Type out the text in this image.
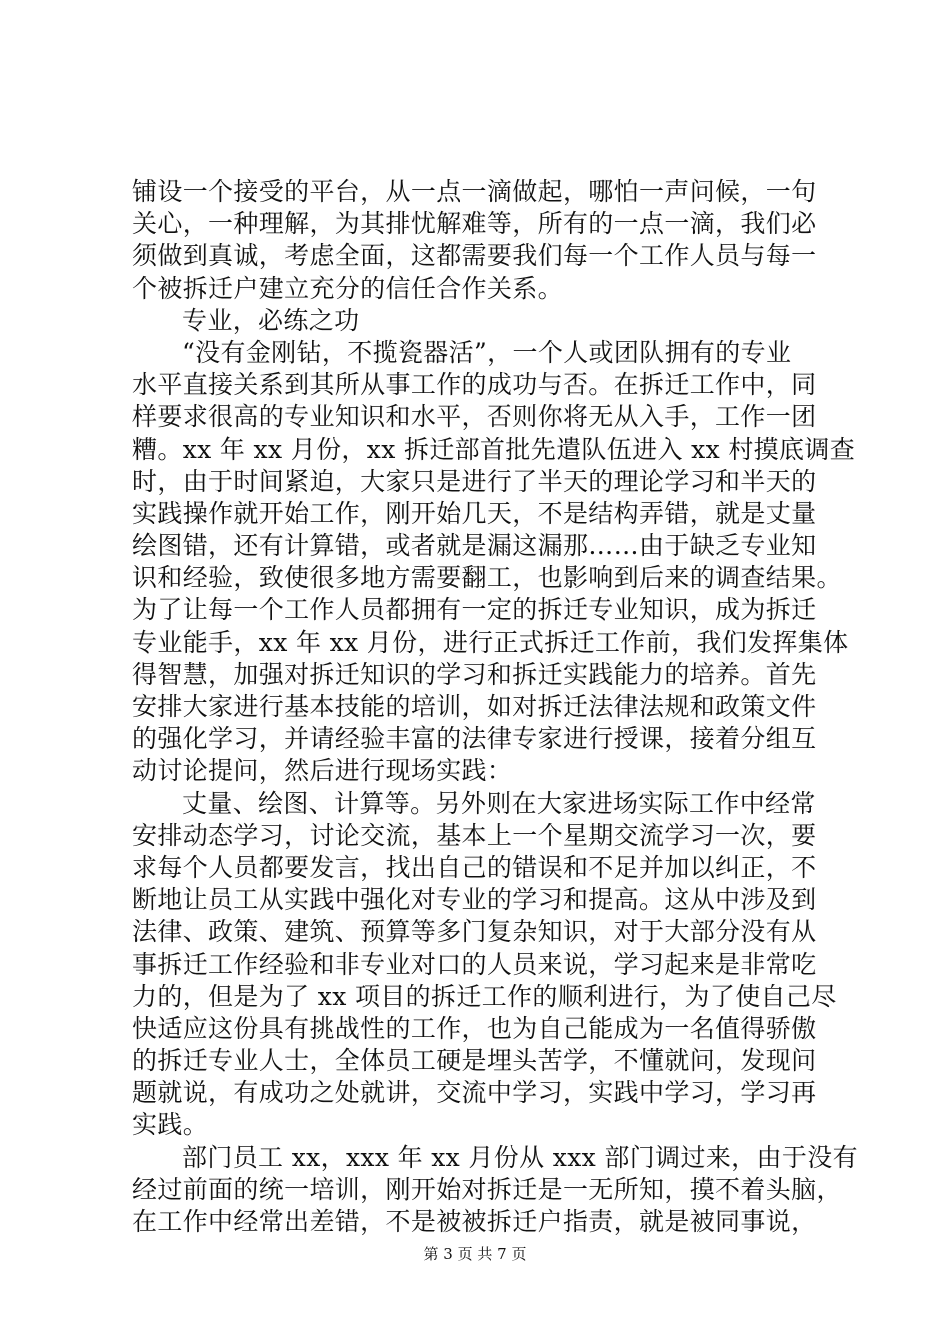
铺设一个接受的平台，从一点一滴做起，哪怕一声问候，一句
关心，一种理解，为其排忧解难等，所有的一点一滴，我们必
须做到真诚，考虑全面，这都需要我们每一个工作人员与每一
个被拆迁户建立充分的信任合作关系。
专业，必练之功
“没有金刚钻，不揽瓷器活”，一个人或团队拥有的专业
水平直接关系到其所从事工作的成功与否。在拆迁工作中，同
样要求很高的专业知识和水平，否则你将无从入手，工作一团
糟。xx 年 xx 月份，xx 拆迁部首批先遣队伍进入 xx 村摸底调查
时，由于时间紧迫，大家只是进行了半天的理论学习和半天的
实践操作就开始工作，刚开始几天，不是结构弄错，就是丈量
绘图错，还有计算错，或者就是漏这漏那……由于缺乏专业知
识和经验，致使很多地方需要翻工，也影响到后来的调查结果。
为了让每一个工作人员都拥有一定的拆迁专业知识，成为拆迁
专业能手，xx 年 xx 月份，进行正式拆迁工作前，我们发挥集体
得智慧，加强对拆迁知识的学习和拆迁实践能力的培养。首先
安排大家进行基本技能的培训，如对拆迁法律法规和政策文件
的强化学习，并请经验丰富的法律专家进行授课，接着分组互
动讨论提问，然后进行现场实践：
丈量、绘图、计算等。另外则在大家进场实际工作中经常
安排动态学习，讨论交流，基本上一个星期交流学习一次，要
求每个人员都要发言，找出自己的错误和不足并加以纠正，不
断地让员工从实践中强化对专业的学习和提高。这从中涉及到
法律、政策、建筑、预算等多门复杂知识，对于大部分没有从
事拆迁工作经验和非专业对口的人员来说，学习起来是非常吃
力的，但是为了 xx 项目的拆迁工作的顺利进行，为了使自己尽
快适应这份具有挑战性的工作，也为自己能成为一名值得骄傲
的拆迁专业人士，全体员工硬是埋头苦学，不懂就问，发现问
题就说，有成功之处就讲，交流中学习，实践中学习，学习再
实践。
部门员工 xx，xxx 年 xx 月份从 xxx 部门调过来，由于没有
经过前面的统一培训，刚开始对拆迁是一无所知，摸不着头脑，
在工作中经常出差错，不是被被拆迁户指责，就是被同事说，
第 3 页 共 7 页
